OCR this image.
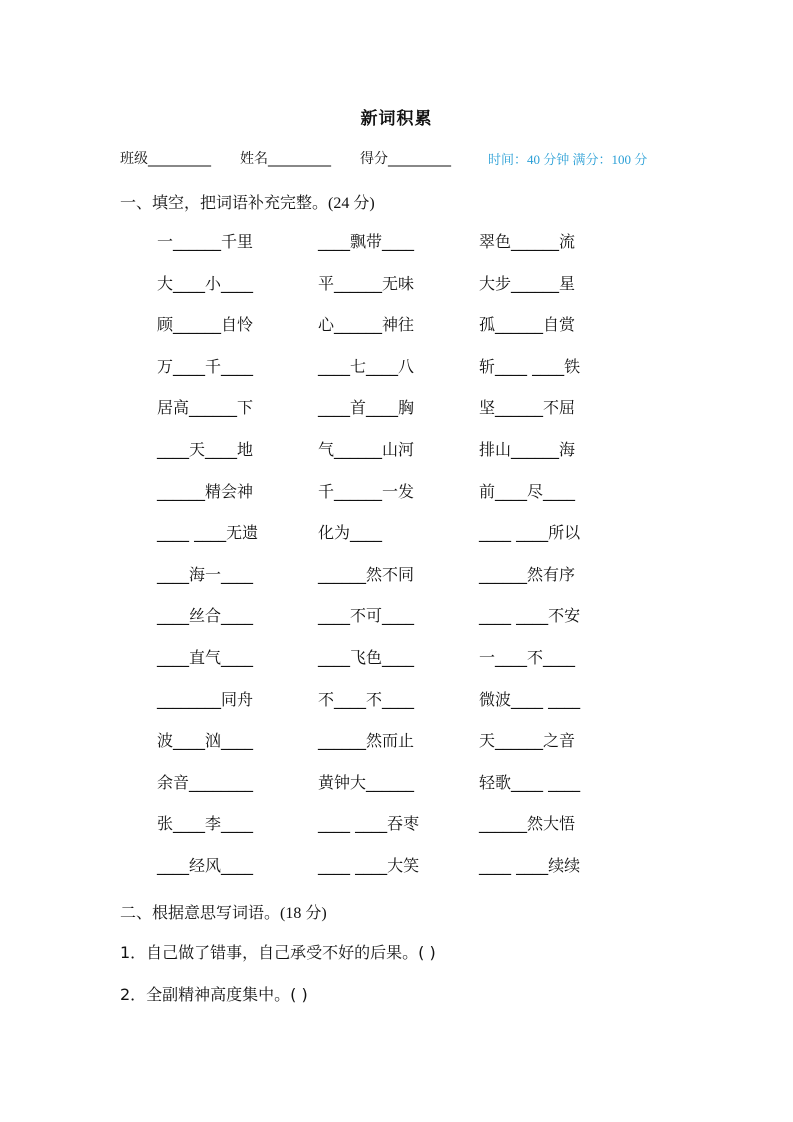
新词积累
班级_________ 姓名_________ 得分_________	时间：40 分钟 满分：100 分
一、填空，把词语补充完整。(24 分)
一______千里	____飘带____	翠色______流
大____小____	平______无味	大步______星
顾______自怜	心______神往	孤______自赏
万____千____	____七____八	斩____ ____铁
居高______下	____首____胸	坚______不屈
____天____地	气______山河	排山______海
______精会神	千______一发	前____尽____
____ ____无遗	化为____	____ ____所以
____海一____	______然不同	______然有序
____丝合____	____不可____	____ ____不安
____直气____	____飞色____	一____不____
________同舟	不____不____	微波____ ____
波____汹____	______然而止	天______之音
余音________	黄钟大______	轻歌____ ____
张____李____	____ ____吞枣	______然大悟
____经风____	____ ____大笑	____ ____续续
二、根据意思写词语。(18 分)
1．自己做了错事，自己承受不好的后果。( )
2．全副精神高度集中。( )
